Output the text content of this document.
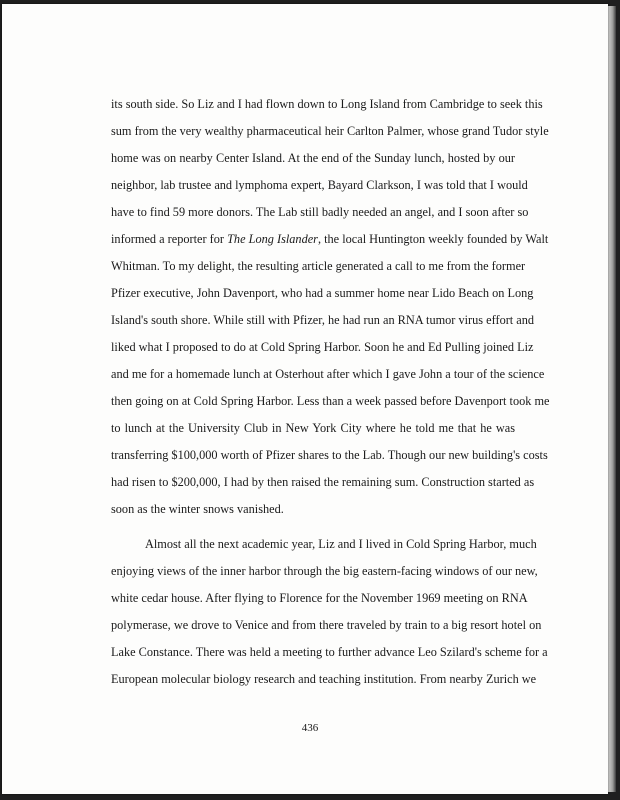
its south side. So Liz and I had flown down to Long Island from Cambridge to seek this
sum from the very wealthy pharmaceutical heir Carlton Palmer, whose grand Tudor style
home was on nearby Center Island. At the end of the Sunday lunch, hosted by our
neighbor, lab trustee and lymphoma expert, Bayard Clarkson, I was told that I would
have to find 59 more donors. The Lab still badly needed an angel, and I soon after so
informed a reporter for The Long Islander, the local Huntington weekly founded by Walt
Whitman. To my delight, the resulting article generated a call to me from the former
Pfizer executive, John Davenport, who had a summer home near Lido Beach on Long
Island's south shore. While still with Pfizer, he had run an RNA tumor virus effort and
liked what I proposed to do at Cold Spring Harbor. Soon he and Ed Pulling joined Liz
and me for a homemade lunch at Osterhout after which I gave John a tour of the science
then going on at Cold Spring Harbor. Less than a week passed before Davenport took me
to lunch at the University Club in New York City where he told me that he was
transferring $100,000 worth of Pfizer shares to the Lab. Though our new building's costs
had risen to $200,000, I had by then raised the remaining sum. Construction started as
soon as the winter snows vanished.
Almost all the next academic year, Liz and I lived in Cold Spring Harbor, much
enjoying views of the inner harbor through the big eastern-facing windows of our new,
white cedar house. After flying to Florence for the November 1969 meeting on RNA
polymerase, we drove to Venice and from there traveled by train to a big resort hotel on
Lake Constance. There was held a meeting to further advance Leo Szilard's scheme for a
European molecular biology research and teaching institution. From nearby Zurich we
436
